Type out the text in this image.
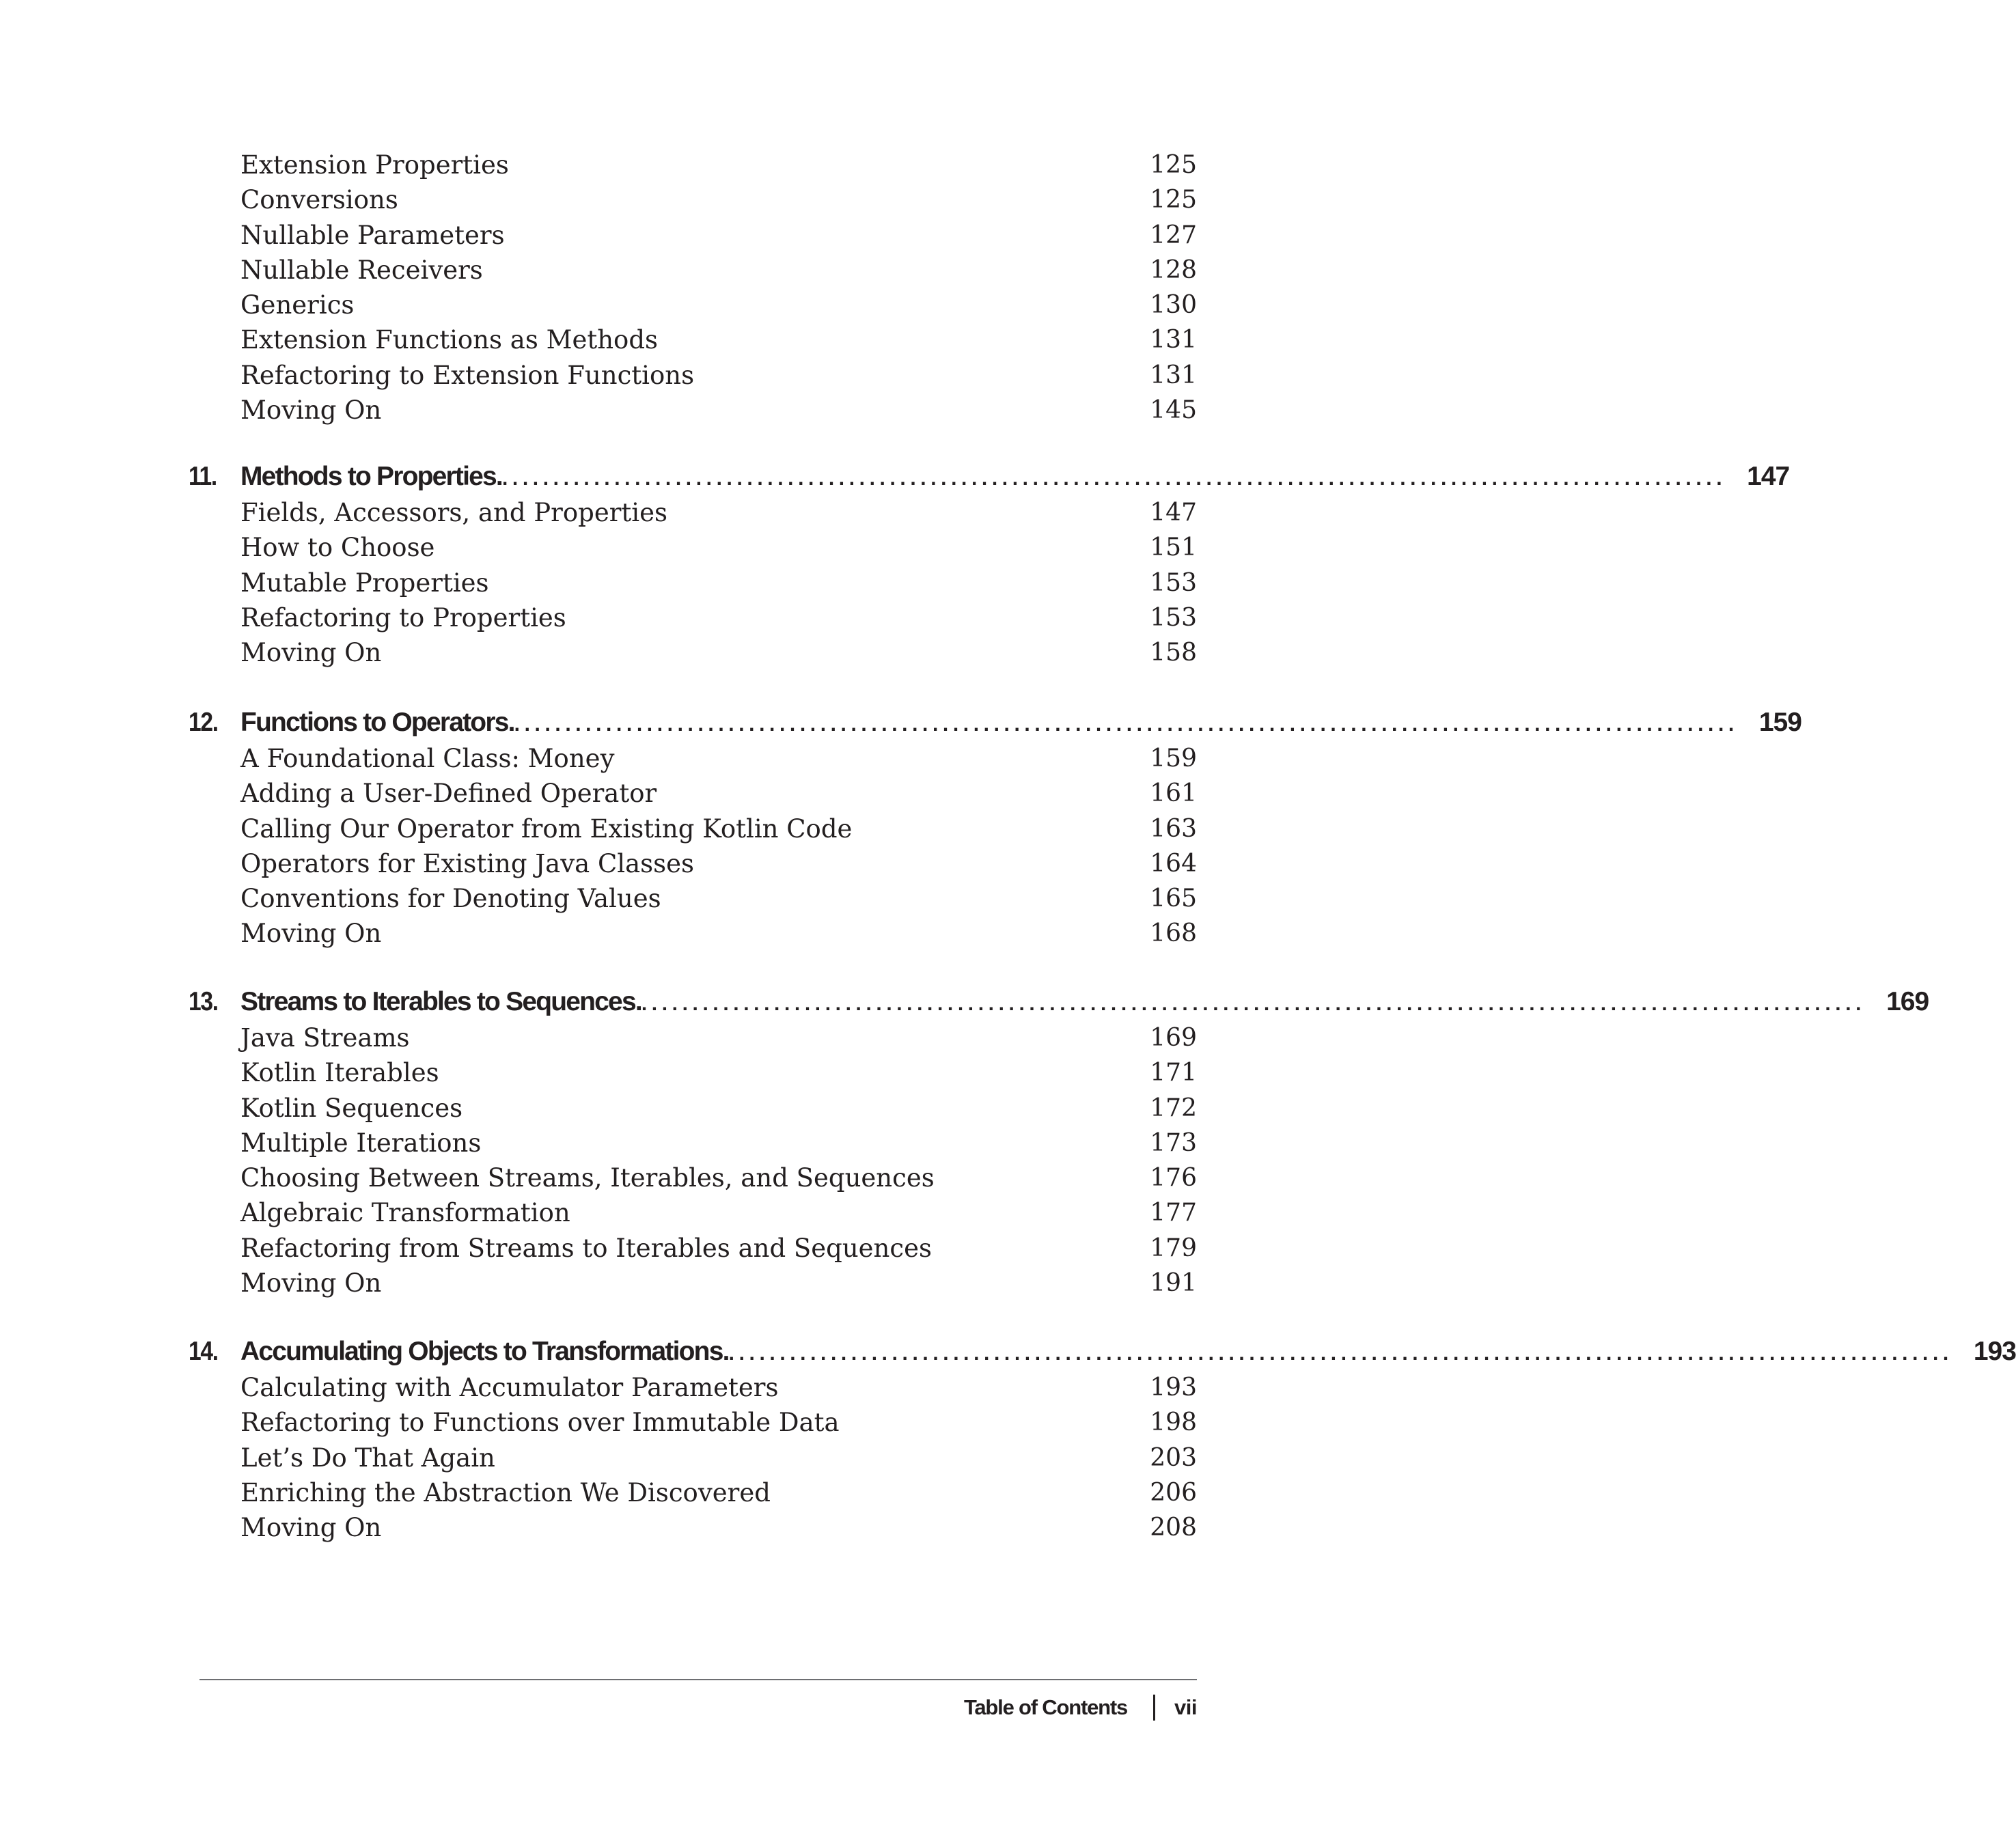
Extension Properties	125
Conversions	125
Nullable Parameters	127
Nullable Receivers	128
Generics	130
Extension Functions as Methods	131
Refactoring to Extension Functions	131
Moving On	145
11. Methods to Properties. ........................................................................................................................ 147
Fields, Accessors, and Properties	147
How to Choose	151
Mutable Properties	153
Refactoring to Properties	153
Moving On	158
12. Functions to Operators. ........................................................................................................................ 159
A Foundational Class: Money	159
Adding a User-Defined Operator	161
Calling Our Operator from Existing Kotlin Code	163
Operators for Existing Java Classes	164
Conventions for Denoting Values	165
Moving On	168
13. Streams to Iterables to Sequences. ........................................................................................................................ 169
Java Streams	169
Kotlin Iterables	171
Kotlin Sequences	172
Multiple Iterations	173
Choosing Between Streams, Iterables, and Sequences	176
Algebraic Transformation	177
Refactoring from Streams to Iterables and Sequences	179
Moving On	191
14. Accumulating Objects to Transformations. ........................................................................................................................ 193
Calculating with Accumulator Parameters	193
Refactoring to Functions over Immutable Data	198
Let’s Do That Again	203
Enriching the Abstraction We Discovered	206
Moving On	208
Table of Contents vii
